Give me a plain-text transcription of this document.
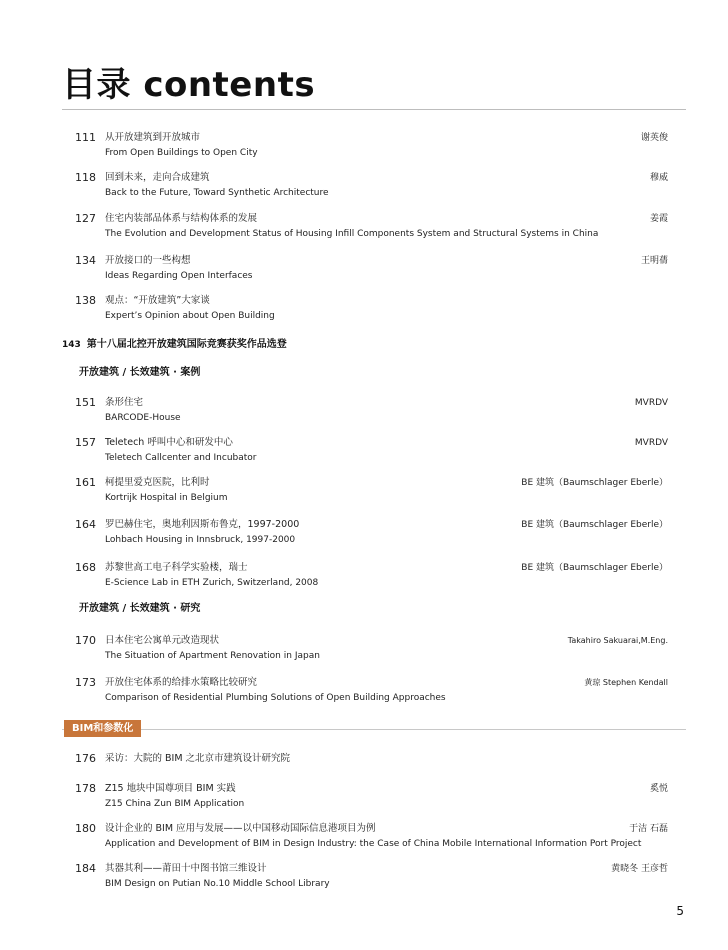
目录 contents
111 从开放建筑到开放城市
From Open Buildings to Open City
谢英俊
118 回到未来，走向合成建筑
Back to the Future, Toward Synthetic Architecture
穆威
127 住宅内装部品体系与结构体系的发展
The Evolution and Development Status of Housing Infill Components System and Structural Systems in China
姜霞
134 开放接口的一些构想
Ideas Regarding Open Interfaces
王明蒨
138 观点：“开放建筑”大家谈
Expert’s Opinion about Open Building
143 第十八届北控开放建筑国际竞赛获奖作品选登
开放建筑 / 长效建筑 · 案例
151 条形住宅
BARCODE-House
MVRDV
157 Teletech 呼叫中心和研发中心
Teletech Callcenter and Incubator
MVRDV
161 柯提里爱克医院，比利时
Kortrijk Hospital in Belgium
BE 建筑（Baumschlager Eberle）
164 罗巴赫住宅，奥地利因斯布鲁克，1997-2000
Lohbach Housing in Innsbruck, 1997-2000
BE 建筑（Baumschlager Eberle）
168 苏黎世高工电子科学实验楼，瑞士
E-Science Lab in ETH Zurich, Switzerland, 2008
BE 建筑（Baumschlager Eberle）
开放建筑 / 长效建筑 · 研究
170 日本住宅公寓单元改造现状
The Situation of Apartment Renovation in Japan
Takahiro Sakuarai,M.Eng.
173 开放住宅体系的给排水策略比较研究
Comparison of Residential Plumbing Solutions of Open Building Approaches
黄琼 Stephen Kendall
BIM和参数化
176 采访：大院的 BIM 之北京市建筑设计研究院
178 Z15 地块中国尊项目 BIM 实践
Z15 China Zun BIM Application
奚悦
180 设计企业的 BIM 应用与发展——以中国移动国际信息港项目为例
Application and Development of BIM in Design Industry: the Case of China Mobile International Information Port Project
于洁 石磊
184 其器其利——莆田十中图书馆三维设计
BIM Design on Putian No.10 Middle School Library
黄晓冬 王彦哲
5
